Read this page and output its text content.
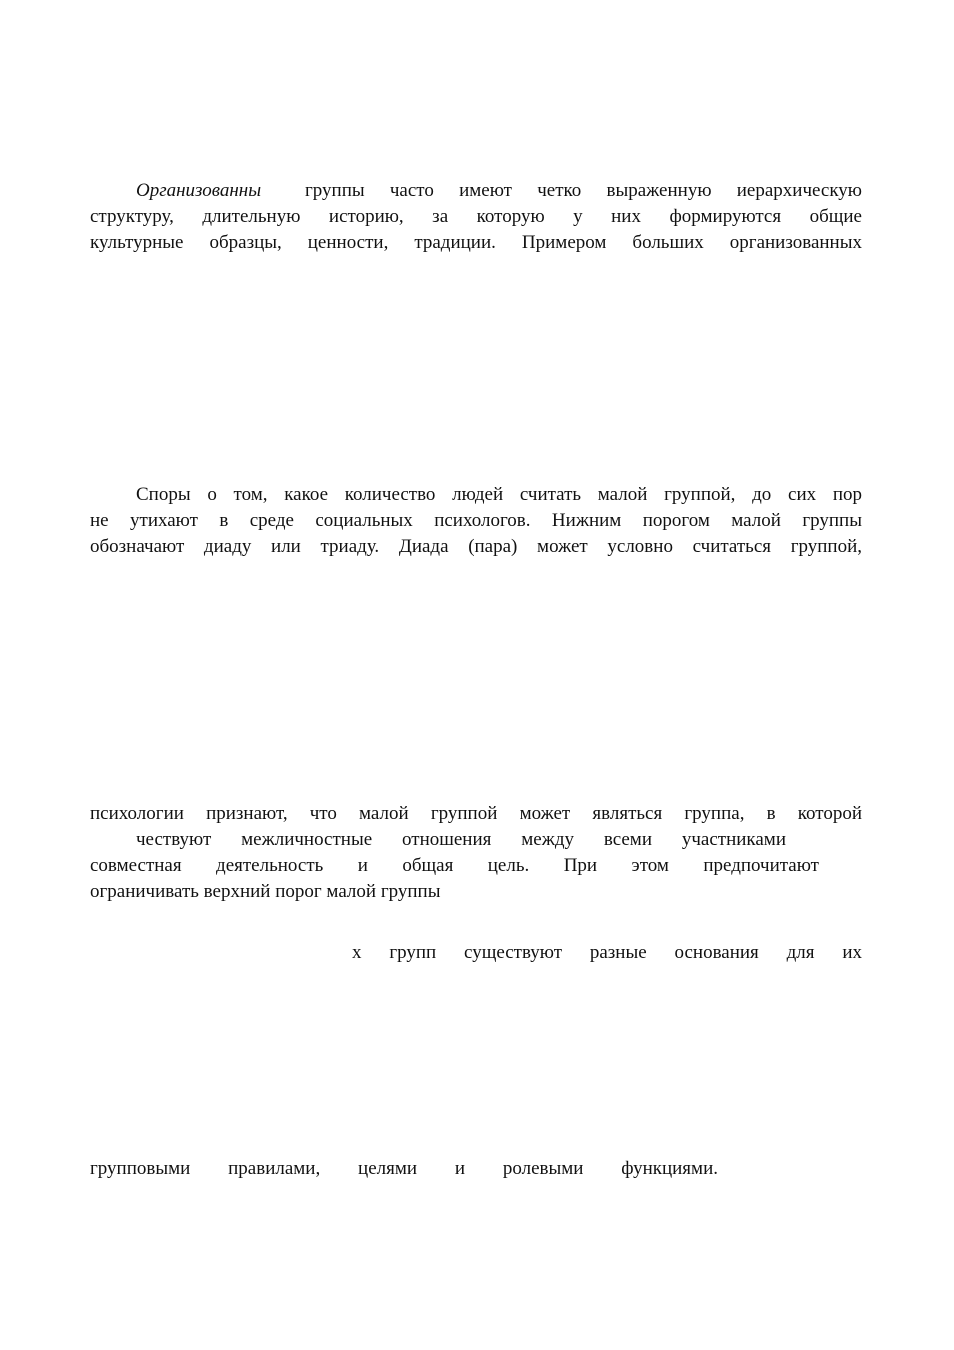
Организованны	группы часто имеют четко выраженную иерархическую
структуру, длительную историю, за которую у них формируются общие
культурные образцы, ценности, традиции. Примером больших организованных
Споры о том, какое количество людей считать малой группой, до сих пор
не утихают в среде социальных психологов. Нижним порогом малой группы
обозначают диаду или триаду. Диада (пара) может условно считаться группой,
психологии признают, что малой группой может являться группа, в которой
чествуют межличностные отношения между всеми участниками
совместная деятельность и общая цель. При этом предпочитают
ограничивать верхний порог малой группы
х групп существуют разные основания для их
групповыми правилами, целями и ролевыми функциями.
